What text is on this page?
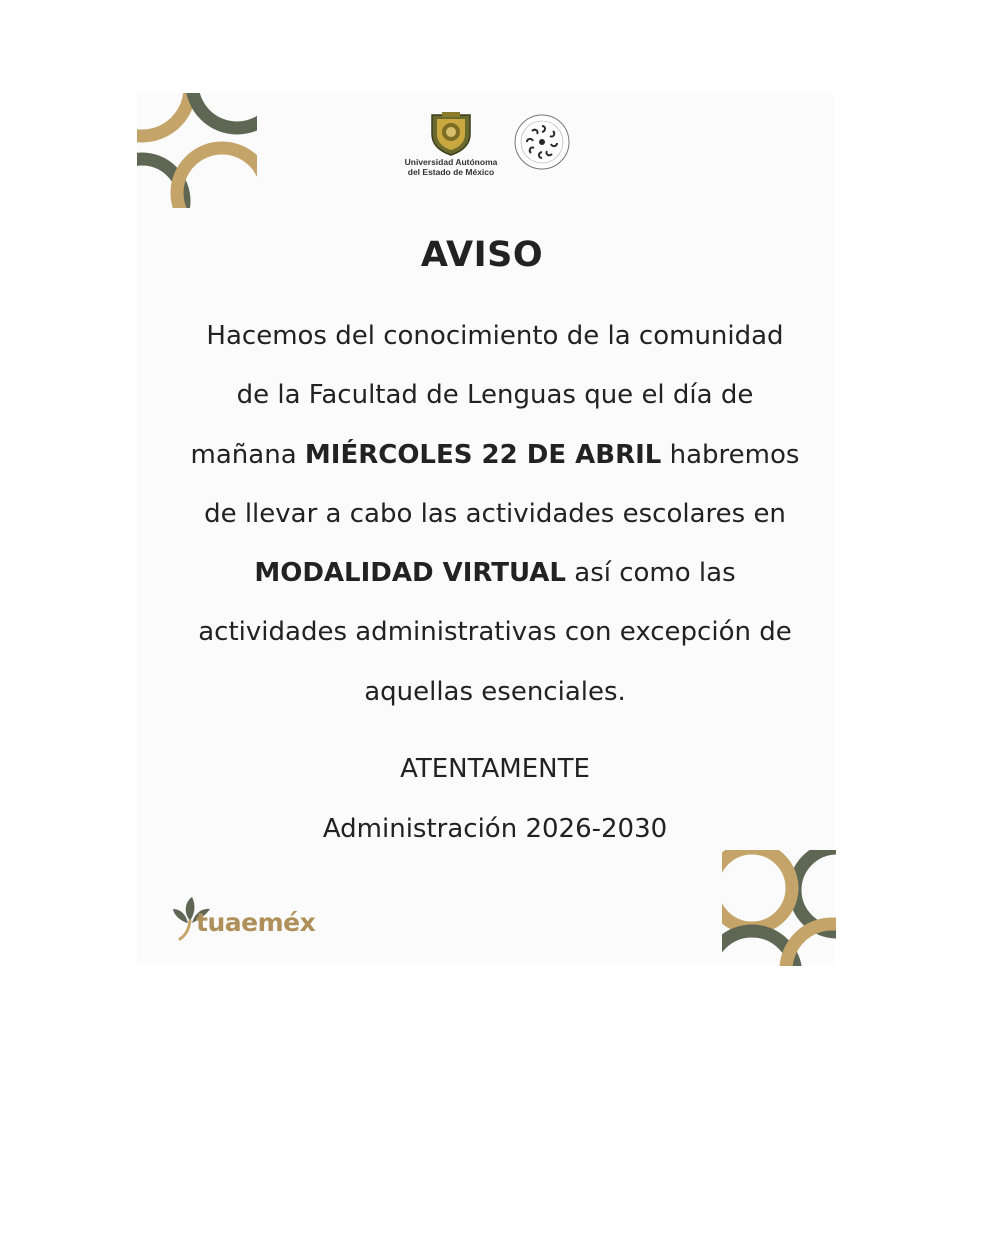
Universidad Autónoma
del Estado de México
AVISO

Hacemos del conocimiento de la comunidad

de la Facultad de Lenguas que el día de

mañana MIÉRCOLES 22 DE ABRIL habremos

de llevar a cabo las actividades escolares en

MODALIDAD VIRTUAL así como las

actividades administrativas con excepción de

aquellas esenciales.

ATENTAMENTE

Administración 2026-2030

tuaeméx
